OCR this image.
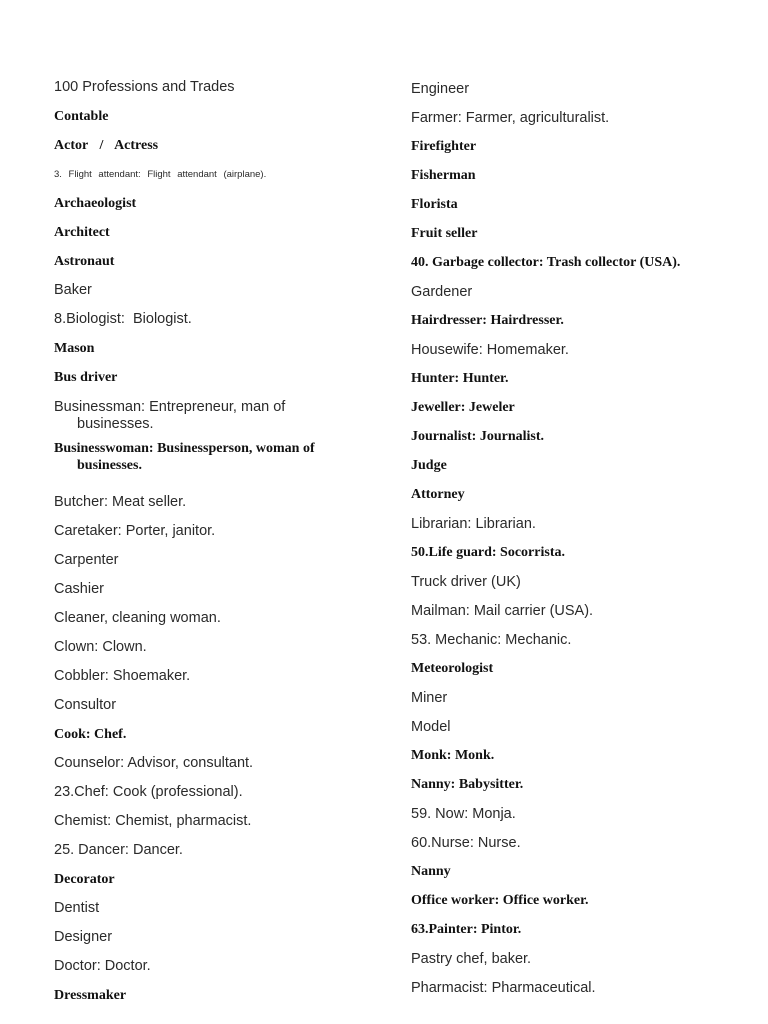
100 Professions and Trades
Contable
Actor / Actress
3. Flight attendant: Flight attendant (airplane).
Archaeologist
Architect
Astronaut
Baker
8.Biologist:  Biologist.
Mason
Bus driver
Businessman: Entrepreneur, man of businesses.
Businesswoman: Businessperson, woman of businesses.
Butcher: Meat seller.
Caretaker: Porter, janitor.
Carpenter
Cashier
Cleaner, cleaning woman.
Clown: Clown.
Cobbler: Shoemaker.
Consultor
Cook: Chef.
Counselor: Advisor, consultant.
23.Chef: Cook (professional).
Chemist: Chemist, pharmacist.
25. Dancer: Dancer.
Decorator
Dentist
Designer
Doctor: Doctor.
Dressmaker
Engineer
Farmer: Farmer, agriculturalist.
Firefighter
Fisherman
Florista
Fruit seller
40. Garbage collector: Trash collector (USA).
Gardener
Hairdresser: Hairdresser.
Housewife: Homemaker.
Hunter: Hunter.
Jeweller: Jeweler
Journalist: Journalist.
Judge
Attorney
Librarian: Librarian.
50.Life guard: Socorrista.
Truck driver (UK)
Mailman: Mail carrier (USA).
53. Mechanic: Mechanic.
Meteorologist
Miner
Model
Monk: Monk.
Nanny: Babysitter.
59. Now: Monja.
60.Nurse: Nurse.
Nanny
Office worker: Office worker.
63.Painter: Pintor.
Pastry chef, baker.
Pharmacist: Pharmaceutical.
